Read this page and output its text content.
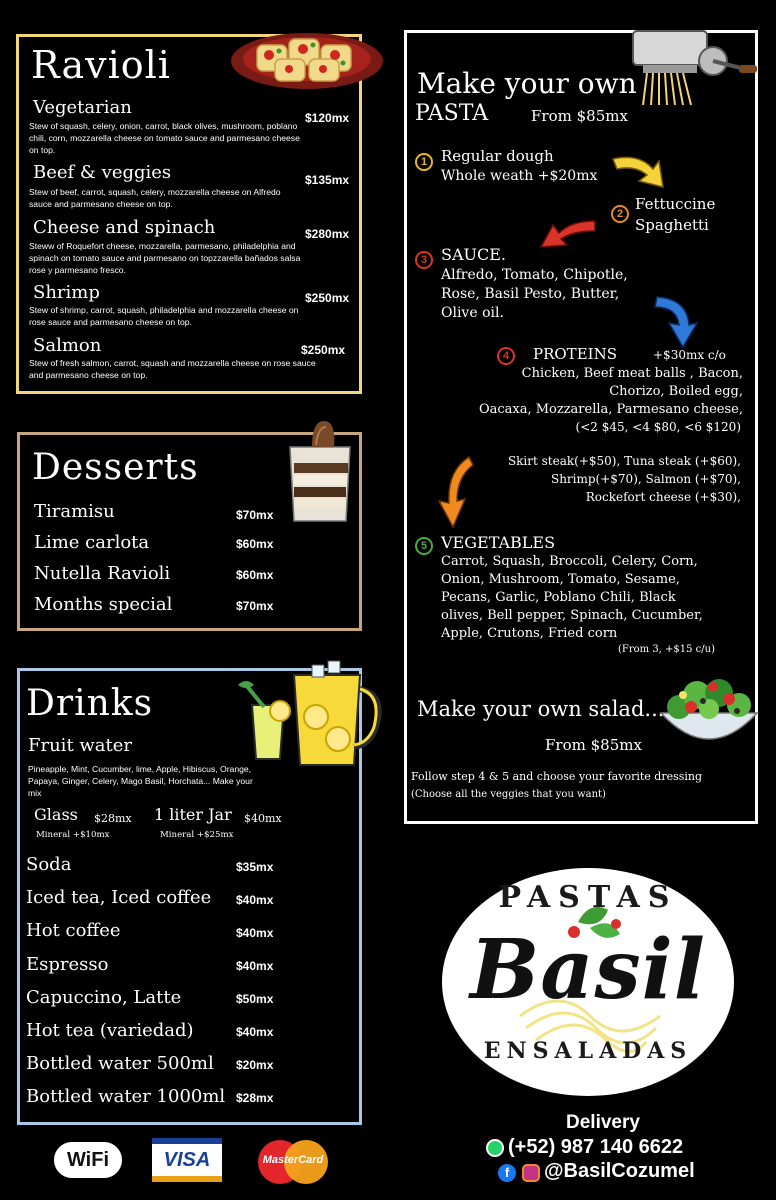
Ravioli
Vegetarian	$120mx
Stew of squash, celery, onion, carrot, black olives, mushroom, poblano chili, corn, mozzarella cheese on tomato sauce and parmesano cheese on top.
Beef & veggies	$135mx
Stew of beef, carrot, squash, celery, mozzarella cheese on Alfredo sauce and parmesano cheese on top.
Cheese and spinach	$280mx
Steww of Roquefort cheese, mozzarella, parmesano, philadelphia and spinach on tomato sauce and parmesano on topzzarella bañados salsa rose y parmesano fresco.
Shrimp	$250mx
Stew of shrimp, carrot, squash, philadelphia and mozzarella cheese on rose sauce and parmesano cheese on top.
Salmon	$250mx
Stew of fresh salmon, carrot, squash and mozzarella cheese on rose sauce and parmesano cheese on top.
Desserts
Tiramisu	$70mx
Lime carlota	$60mx
Nutella Ravioli	$60mx
Months special	$70mx
Drinks
Fruit water
Pineapple, Mint, Cucumber, lime, Apple, Hibiscus, Orange, Papaya, Ginger, Celery, Mago Basil, Horchata... Make your mix
Glass $28mx
Mineral +$10mx
1 liter Jar $40mx
Mineral +$25mx
Soda	$35mx
Iced tea, Iced coffee $40mx
Hot coffee	$40mx
Espresso	$40mx
Capuccino, Latte	$50mx
Hot tea (variedad)	$40mx
Bottled water 500ml $20mx
Bottled water 1000ml $28mx
Make your own
PASTA	From $85mx
1 Regular dough
Whole weath +$20mx
2
Fettuccine
Spaghetti
3 SAUCE.
Alfredo, Tomato, Chipotle,
Rose, Basil Pesto, Butter,
Olive oil.
4	PROTEINS	+$30mx c/o
Chicken, Beef meat balls , Bacon,
Chorizo, Boiled egg,
Oacaxa, Mozzarella, Parmesano cheese,
(<2 $45, <4 $80, <6 $120)
Skirt steak(+$50), Tuna steak (+$60),
Shrimp(+$70), Salmon (+$70),
Rockefort cheese (+$30),
5 VEGETABLES
Carrot, Squash, Broccoli, Celery, Corn,
Onion, Mushroom, Tomato, Sesame,
Pecans, Garlic, Poblano Chili, Black
olives, Bell pepper, Spinach, Cucumber,
Apple, Crutons, Fried corn
(From 3, +$15 c/u)
Make your own salad...
From $85mx
Follow step 4 & 5 and choose your favorite dressing
(Choose all the veggies that you want)
PASTAS
Basil
ENSALADAS
WiFi	VISA	MasterCard
Delivery
(+52) 987 140 6622
f	@BasilCozumel
